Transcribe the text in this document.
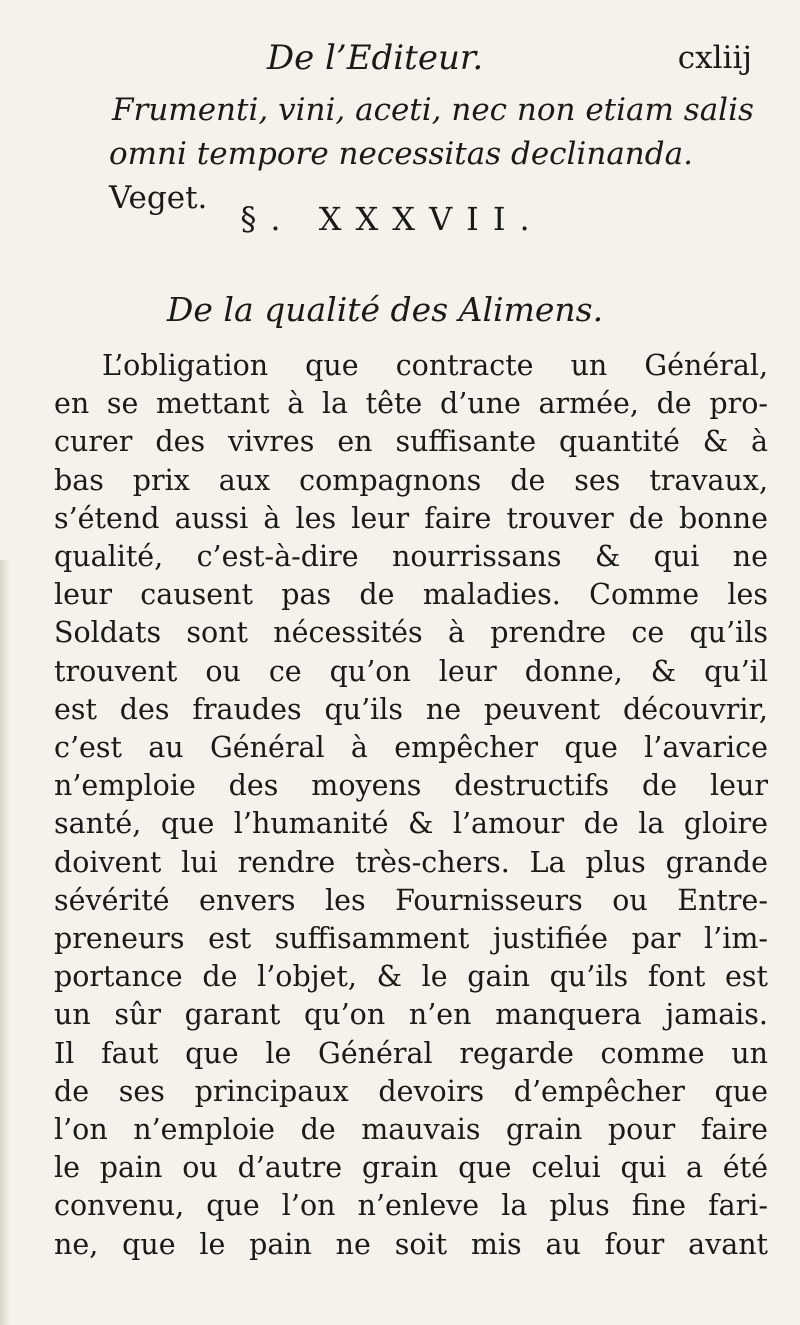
De l’Editeur.	cxliij
Frumenti, vini, aceti, nec non etiam salis
omni tempore necessitas declinanda. Veget.
§. XXXVII.
De la qualité des Alimens.
L’obligation que contracte un Général,
en se mettant à la tête d’une armée, de pro-
curer des vivres en suffisante quantité & à
bas prix aux compagnons de ses travaux,
s’étend aussi à les leur faire trouver de bonne
qualité, c’est-à-dire nourrissans & qui ne
leur causent pas de maladies. Comme les
Soldats sont nécessités à prendre ce qu’ils
trouvent ou ce qu’on leur donne, & qu’il
est des fraudes qu’ils ne peuvent découvrir,
c’est au Général à empêcher que l’avarice
n’emploie des moyens destructifs de leur
santé, que l’humanité & l’amour de la gloire
doivent lui rendre très-chers. La plus grande
sévérité envers les Fournisseurs ou Entre-
preneurs est suffisamment justifiée par l’im-
portance de l’objet, & le gain qu’ils font est
un sûr garant qu’on n’en manquera jamais.
Il faut que le Général regarde comme un
de ses principaux devoirs d’empêcher que
l’on n’emploie de mauvais grain pour faire
le pain ou d’autre grain que celui qui a été
convenu, que l’on n’enleve la plus fine fari-
ne, que le pain ne soit mis au four avant
